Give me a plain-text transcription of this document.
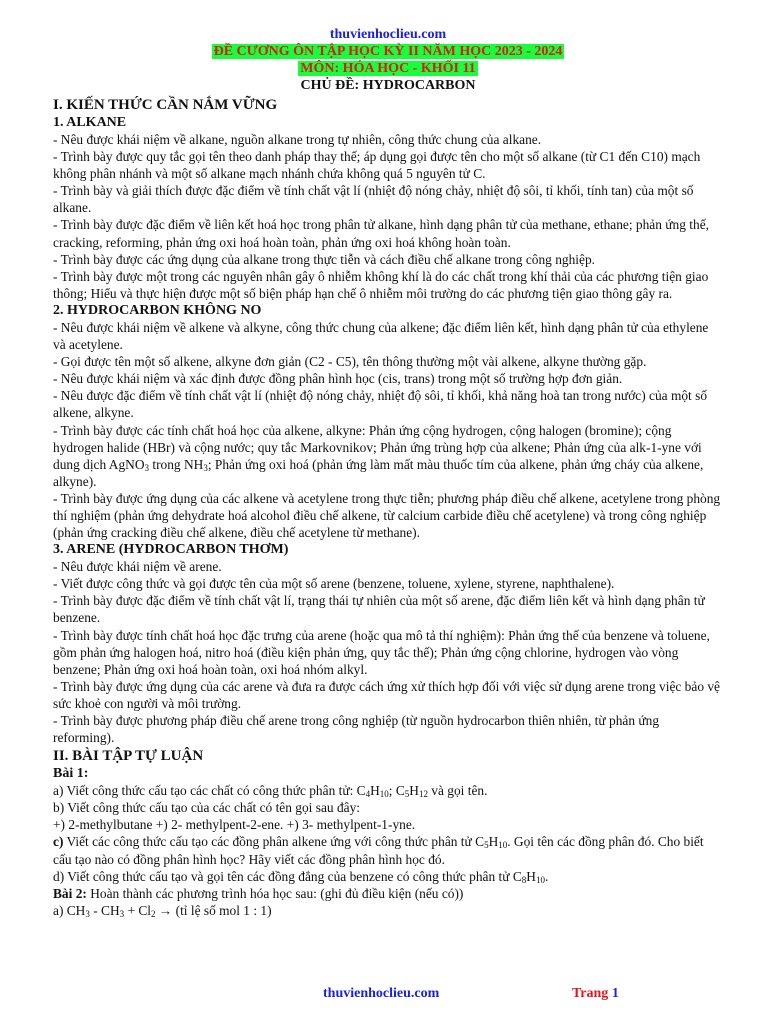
thuvienhoclieu.com
ĐỀ CƯƠNG ÔN TẬP HỌC KỲ II NĂM HỌC 2023 - 2024
MÔN: HÓA HỌC - KHỐI 11
CHỦ ĐỀ: HYDROCARBON
I. KIẾN THỨC CẦN NẮM VỮNG
1. ALKANE

- Nêu được khái niệm về alkane, nguồn alkane trong tự nhiên, công thức chung của alkane.

- Trình bày được quy tắc gọi tên theo danh pháp thay thế; áp dụng gọi được tên cho một số alkane (từ C1 đến C10) mạch không phân nhánh và một số alkane mạch nhánh chứa không quá 5 nguyên tử C.

- Trình bày và giải thích được đặc điểm về tính chất vật lí (nhiệt độ nóng chảy, nhiệt độ sôi, tỉ khối, tính tan) của một số alkane.

- Trình bày được đặc điểm về liên kết hoá học trong phân tử alkane, hình dạng phân tử của methane, ethane; phản ứng thế, cracking, reforming, phản ứng oxi hoá hoàn toàn, phản ứng oxi hoá không hoàn toàn.

- Trình bày được các ứng dụng của alkane trong thực tiễn và cách điều chế alkane trong công nghiệp.

- Trình bày được một trong các nguyên nhân gây ô nhiễm không khí là do các chất trong khí thải của các phương tiện giao thông; Hiểu và thực hiện được một số biện pháp hạn chế ô nhiễm môi trường do các phương tiện giao thông gây ra.

2. HYDROCARBON KHÔNG NO

- Nêu được khái niệm về alkene và alkyne, công thức chung của alkene; đặc điểm liên kết, hình dạng phân tử của ethylene và acetylene.

- Gọi được tên một số alkene, alkyne đơn giản (C2 - C5), tên thông thường một vài alkene, alkyne thường gặp.

- Nêu được khái niệm và xác định được đồng phân hình học (cis, trans) trong một số trường hợp đơn giản.

- Nêu được đặc điểm về tính chất vật lí (nhiệt độ nóng chảy, nhiệt độ sôi, tỉ khối, khả năng hoà tan trong nước) của một số alkene, alkyne.

- Trình bày được các tính chất hoá học của alkene, alkyne: Phản ứng cộng hydrogen, cộng halogen (bromine); cộng hydrogen halide (HBr) và cộng nước; quy tắc Markovnikov; Phản ứng trùng hợp của alkene; Phản ứng của alk-1-yne với dung dịch AgNO$_3$ trong $NH_3$; Phản ứng oxi hoá (phản ứng làm mất màu thuốc tím của alkene, phản ứng cháy của alkene, alkyne).

- Trình bày được ứng dụng của các alkene và acetylene trong thực tiễn; phương pháp điều chế alkene, acetylene trong phòng thí nghiệm (phản ứng dehydrate hoá alcohol điều chế alkene, từ calcium carbide điều chế acetylene) và trong công nghiệp (phản ứng cracking điều chế alkene, điều chế acetylene từ methane).

3. ARENE (HYDROCARBON THƠM)

- Nêu được khái niệm về arene.

- Viết được công thức và gọi được tên của một số arene (benzene, toluene, xylene, styrene, naphthalene).

- Trình bày được đặc điểm về tính chất vật lí, trạng thái tự nhiên của một số arene, đặc điểm liên kết và hình dạng phân tử benzene.

- Trình bày được tính chất hoá học đặc trưng của arene (hoặc qua mô tả thí nghiệm): Phản ứng thế của benzene và toluene, gồm phản ứng halogen hoá, nitro hoá (điều kiện phản ứng, quy tắc thế); Phản ứng cộng chlorine, hydrogen vào vòng benzene; Phản ứng oxi hoá hoàn toàn, oxi hoá nhóm alkyl.

- Trình bày được ứng dụng của các arene và đưa ra được cách ứng xử thích hợp đối với việc sử dụng arene trong việc bảo vệ sức khoẻ con người và môi trường.

- Trình bày được phương pháp điều chế arene trong công nghiệp (từ nguồn hydrocarbon thiên nhiên, từ phản ứng reforming).

II. BÀI TẬP TỰ LUẬN
Bài 1:

a) Viết công thức cấu tạo các chất có công thức phân tử: $C_4H_{10}$; $C_5H_{12}$ và gọi tên.

b) Viết công thức cấu tạo của các chất có tên gọi sau đây:

+) 2-methylbutane +) 2- methylpent-2-ene. +) 3- methylpent-1-yne.

c) Viết các công thức cấu tạo các đồng phân alkene ứng với công thức phân tử $C_5H_{10}$. Gọi tên các đồng phân đó. Cho biết cấu tạo nào có đồng phân hình học? Hãy viết các đồng phân hình học đó.

d) Viết công thức cấu tạo và gọi tên các đồng đẳng của benzene có công thức phân tử $C_8H_{10}$.

Bài 2: Hoàn thành các phương trình hóa học sau: (ghi đủ điều kiện (nếu có))

a) $CH_3 - CH_3 + Cl_2$ → (tỉ lệ số mol 1 : 1)

thuvienhoclieu.com	Trang 1
